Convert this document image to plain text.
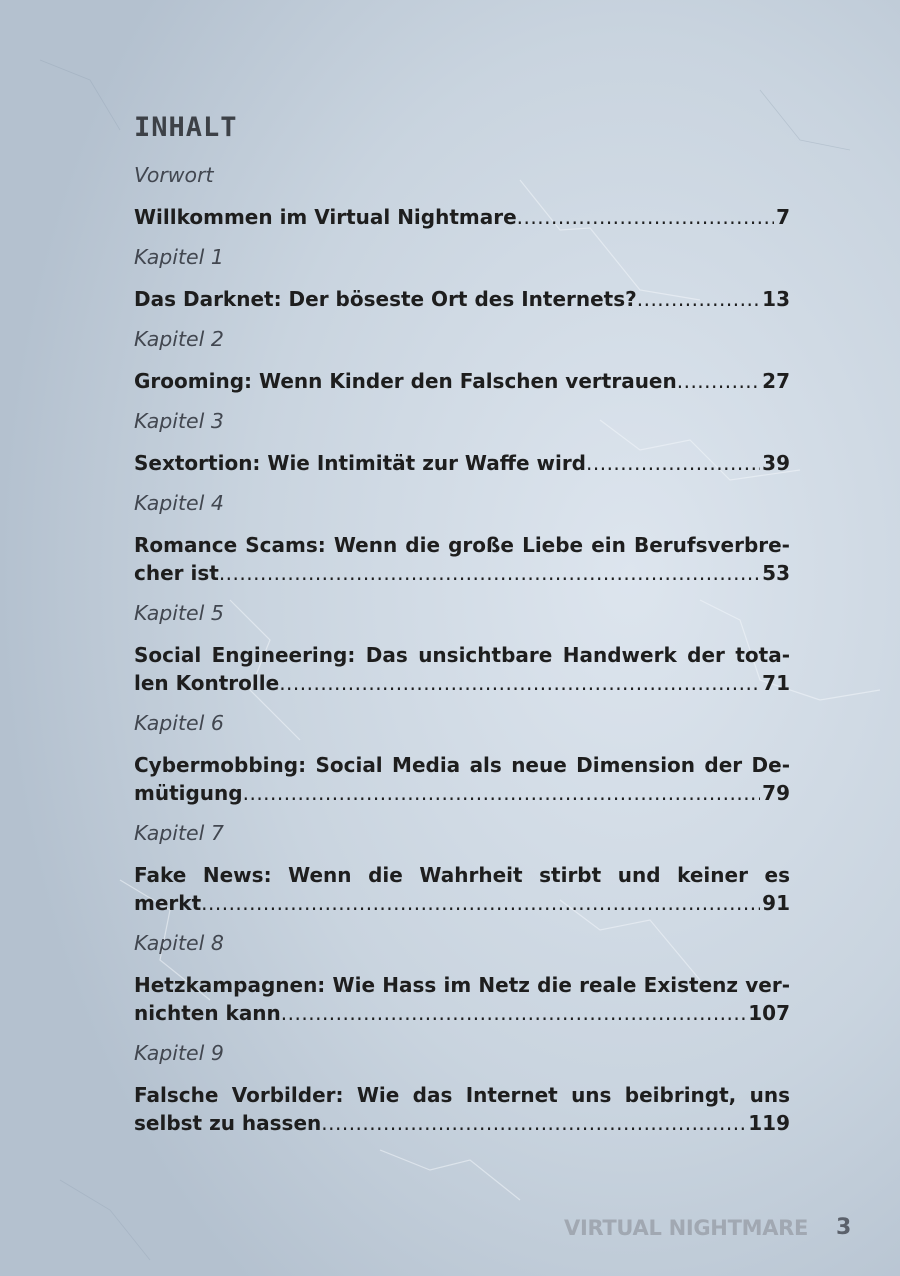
INHALT
Vorwort
Willkommen im Virtual Nightmare .....	7
Kapitel 1
Das Darknet: Der böseste Ort des Internets? .....	13
Kapitel 2
Grooming: Wenn Kinder den Falschen vertrauen .....	27
Kapitel 3
Sextortion: Wie Intimität zur Waffe wird .....	39
Kapitel 4
Romance Scams: Wenn die große Liebe ein Berufsverbre-
cher ist .....	53
Kapitel 5
Social Engineering: Das unsichtbare Handwerk der tota-
len Kontrolle .....	71
Kapitel 6
Cybermobbing: Social Media als neue Dimension der De-
mütigung .....	79
Kapitel 7
Fake News: Wenn die Wahrheit stirbt und keiner es
merkt .....	91
Kapitel 8
Hetzkampagnen: Wie Hass im Netz die reale Existenz ver-
nichten kann .....	107
Kapitel 9
Falsche Vorbilder: Wie das Internet uns beibringt, uns
selbst zu hassen .....	119
VIRTUAL NIGHTMARE 3
